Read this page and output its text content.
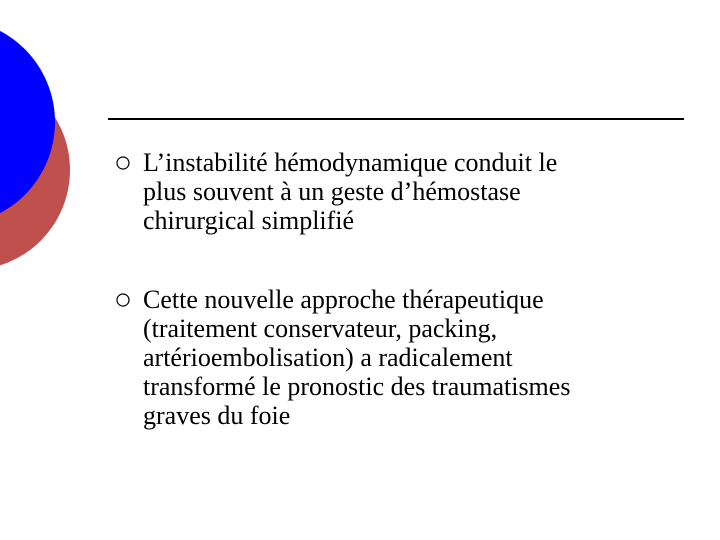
L’instabilité hémodynamique conduit le
plus souvent à un geste d’hémostase
chirurgical simplifié
Cette nouvelle approche thérapeutique
(traitement conservateur, packing,
artérioembolisation) a radicalement
transformé le pronostic des traumatismes
graves du foie
